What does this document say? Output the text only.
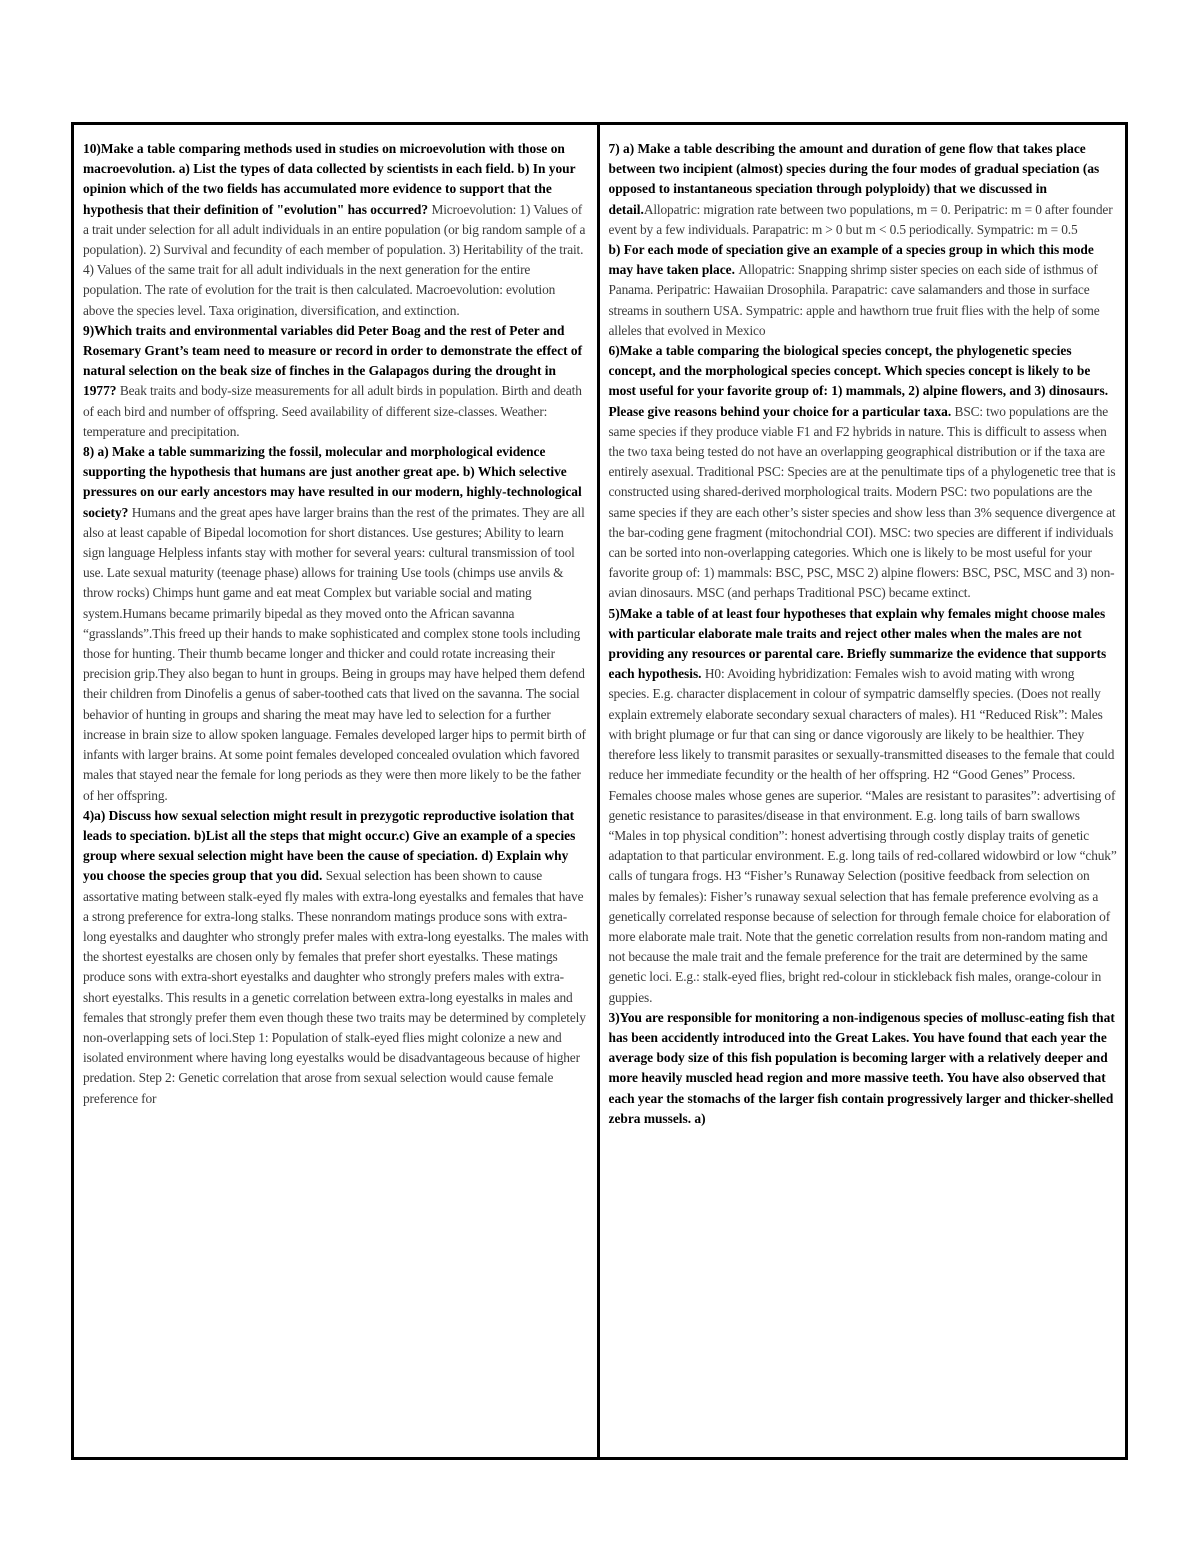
10)Make a table comparing methods used in studies on microevolution with those on macroevolution. a) List the types of data collected by scientists in each field. b) In your opinion which of the two fields has accumulated more evidence to support that the hypothesis that their definition of "evolution" has occurred? Microevolution: 1) Values of a trait under selection for all adult individuals in an entire population (or big random sample of a population). 2) Survival and fecundity of each member of population. 3) Heritability of the trait. 4) Values of the same trait for all adult individuals in the next generation for the entire population. The rate of evolution for the trait is then calculated. Macroevolution: evolution above the species level. Taxa origination, diversification, and extinction.

9)Which traits and environmental variables did Peter Boag and the rest of Peter and Rosemary Grant’s team need to measure or record in order to demonstrate the effect of natural selection on the beak size of finches in the Galapagos during the drought in 1977? Beak traits and body-size measurements for all adult birds in population. Birth and death of each bird and number of offspring. Seed availability of different size-classes. Weather: temperature and precipitation.

8) a) Make a table summarizing the fossil, molecular and morphological evidence supporting the hypothesis that humans are just another great ape. b) Which selective pressures on our early ancestors may have resulted in our modern, highly-technological society? Humans and the great apes have larger brains than the rest of the primates. They are all also at least capable of Bipedal locomotion for short distances. Use gestures; Ability to learn sign language Helpless infants stay with mother for several years: cultural transmission of tool use. Late sexual maturity (teenage phase) allows for training Use tools (chimps use anvils & throw rocks) Chimps hunt game and eat meat Complex but variable social and mating system.Humans became primarily bipedal as they moved onto the African savanna “grasslands”.This freed up their hands to make sophisticated and complex stone tools including those for hunting. Their thumb became longer and thicker and could rotate increasing their precision grip.They also began to hunt in groups. Being in groups may have helped them defend their children from Dinofelis a genus of saber-toothed cats that lived on the savanna. The social behavior of hunting in groups and sharing the meat may have led to selection for a further increase in brain size to allow spoken language. Females developed larger hips to permit birth of infants with larger brains. At some point females developed concealed ovulation which favored males that stayed near the female for long periods as they were then more likely to be the father of her offspring.

4)a) Discuss how sexual selection might result in prezygotic reproductive isolation that leads to speciation. b)List all the steps that might occur.c) Give an example of a species group where sexual selection might have been the cause of speciation. d) Explain why you choose the species group that you did. Sexual selection has been shown to cause assortative mating between stalk-eyed fly males with extra-long eyestalks and females that have a strong preference for extra-long stalks. These nonrandom matings produce sons with extra-long eyestalks and daughter who strongly prefer males with extra-long eyestalks. The males with the shortest eyestalks are chosen only by females that prefer short eyestalks. These matings produce sons with extra-short eyestalks and daughter who strongly prefers males with extra-short eyestalks. This results in a genetic correlation between extra-long eyestalks in males and females that strongly prefer them even though these two traits may be determined by completely non-overlapping sets of loci.Step 1: Population of stalk-eyed flies might colonize a new and isolated environment where having long eyestalks would be disadvantageous because of higher predation. Step 2: Genetic correlation that arose from sexual selection would cause female preference for

7) a) Make a table describing the amount and duration of gene flow that takes place between two incipient (almost) species during the four modes of gradual speciation (as opposed to instantaneous speciation through polyploidy) that we discussed in detail.Allopatric: migration rate between two populations, m = 0. Peripatric: m = 0 after founder event by a few individuals. Parapatric: m > 0 but m < 0.5 periodically. Sympatric: m = 0.5

b) For each mode of speciation give an example of a species group in which this mode may have taken place. Allopatric: Snapping shrimp sister species on each side of isthmus of Panama. Peripatric: Hawaiian Drosophila. Parapatric: cave salamanders and those in surface streams in southern USA. Sympatric: apple and hawthorn true fruit flies with the help of some alleles that evolved in Mexico

6)Make a table comparing the biological species concept, the phylogenetic species concept, and the morphological species concept. Which species concept is likely to be most useful for your favorite group of: 1) mammals, 2) alpine flowers, and 3) dinosaurs. Please give reasons behind your choice for a particular taxa. BSC: two populations are the same species if they produce viable F1 and F2 hybrids in nature. This is difficult to assess when the two taxa being tested do not have an overlapping geographical distribution or if the taxa are entirely asexual. Traditional PSC: Species are at the penultimate tips of a phylogenetic tree that is constructed using shared-derived morphological traits. Modern PSC: two populations are the same species if they are each other’s sister species and show less than 3% sequence divergence at the bar-coding gene fragment (mitochondrial COI). MSC: two species are different if individuals can be sorted into non-overlapping categories. Which one is likely to be most useful for your favorite group of: 1) mammals: BSC, PSC, MSC 2) alpine flowers: BSC, PSC, MSC and 3) non-avian dinosaurs. MSC (and perhaps Traditional PSC) became extinct.

5)Make a table of at least four hypotheses that explain why females might choose males with particular elaborate male traits and reject other males when the males are not providing any resources or parental care. Briefly summarize the evidence that supports each hypothesis. H0: Avoiding hybridization: Females wish to avoid mating with wrong species. E.g. character displacement in colour of sympatric damselfly species. (Does not really explain extremely elaborate secondary sexual characters of males). H1 “Reduced Risk”: Males with bright plumage or fur that can sing or dance vigorously are likely to be healthier. They therefore less likely to transmit parasites or sexually-transmitted diseases to the female that could reduce her immediate fecundity or the health of her offspring. H2 “Good Genes” Process. Females choose males whose genes are superior. “Males are resistant to parasites”: advertising of genetic resistance to parasites/disease in that environment. E.g. long tails of barn swallows “Males in top physical condition”: honest advertising through costly display traits of genetic adaptation to that particular environment. E.g. long tails of red-collared widowbird or low “chuk” calls of tungara frogs. H3 “Fisher’s Runaway Selection (positive feedback from selection on males by females): Fisher’s runaway sexual selection that has female preference evolving as a genetically correlated response because of selection for through female choice for elaboration of more elaborate male trait. Note that the genetic correlation results from non-random mating and not because the male trait and the female preference for the trait are determined by the same genetic loci. E.g.: stalk-eyed flies, bright red-colour in stickleback fish males, orange-colour in guppies.

3)You are responsible for monitoring a non-indigenous species of mollusc-eating fish that has been accidently introduced into the Great Lakes. You have found that each year the average body size of this fish population is becoming larger with a relatively deeper and more heavily muscled head region and more massive teeth. You have also observed that each year the stomachs of the larger fish contain progressively larger and thicker-shelled zebra mussels. a)
